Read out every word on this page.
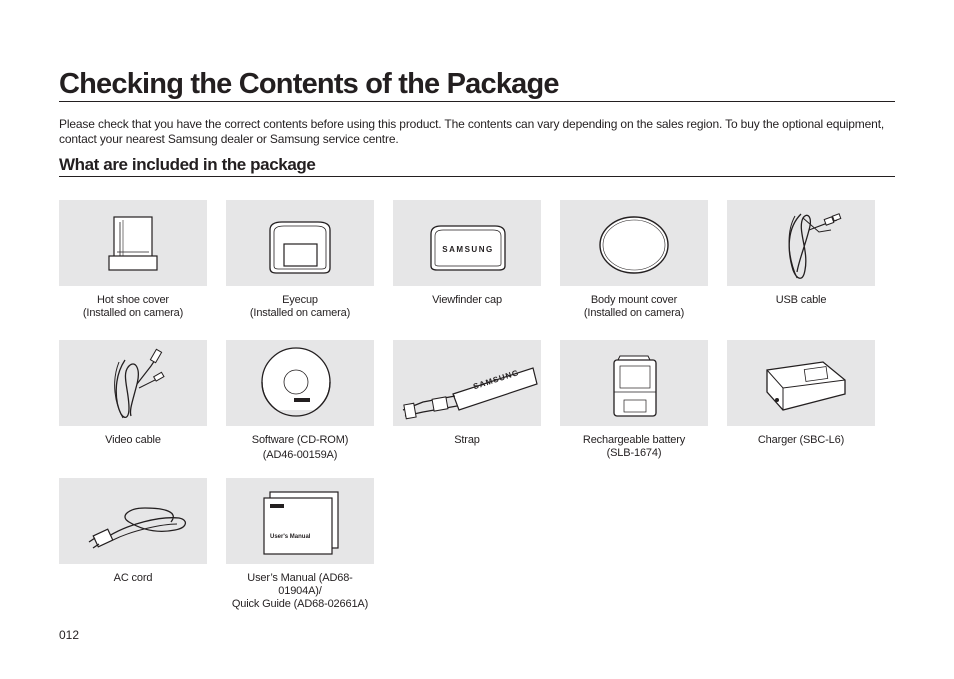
Checking the Contents of the Package

Please check that you have the correct contents before using this product. The contents can vary depending on the sales region. To buy the optional equipment, contact your nearest Samsung dealer or Samsung service centre.

What are included in the package
Hot shoe cover
(Installed on camera)
Eyecup
(Installed on camera)
SAMSUNG
Viewfinder cap	Body mount cover
(Installed on camera)
USB cable
Video cable	Software (CD-ROM)
(AD46-00159A)
SAMSUNG
Strap	Rechargeable battery
(SLB-1674)
Charger (SBC-L6)
AC cord
User's Manual
User’s Manual (AD68-01904A)/
Quick Guide (AD68-02661A)

012
